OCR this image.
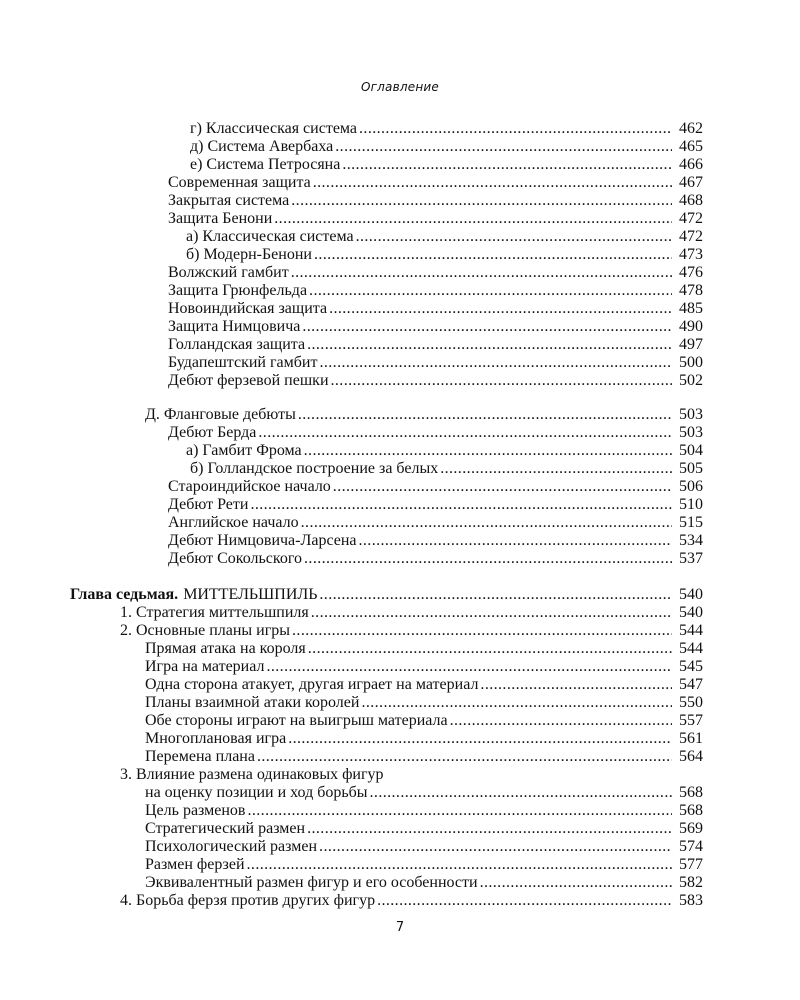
Оглавление
г) Классическая система .....	462
д) Система Авербаха .....	465
е) Система Петросяна .....	466
Современная защита .....	467
Закрытая система .....	468
Защита Бенони .....	472
а) Классическая система .....	472
б) Модерн-Бенони .....	473
Волжский гамбит .....	476
Защита Грюнфельда .....	478
Новоиндийская защита .....	485
Защита Нимцовича .....	490
Голландская защита .....	497
Будапештский гамбит .....	500
Дебют ферзевой пешки .....	502
Д. Фланговые дебюты .....	503
Дебют Берда .....	503
а) Гамбит Фрома .....	504
б) Голландское построение за белых .....	505
Староиндийское начало .....	506
Дебют Рети .....	510
Английское начало .....	515
Дебют Нимцовича-Ларсена .....	534
Дебют Сокольского .....	537
Глава седьмая. МИТТЕЛЬШПИЛЬ .....	540
1. Стратегия миттельшпиля .....	540
2. Основные планы игры .....	544
Прямая атака на короля .....	544
Игра на материал .....	545
Одна сторона атакует, другая играет на материал .....	547
Планы взаимной атаки королей .....	550
Обе стороны играют на выигрыш материала .....	557
Многоплановая игра .....	561
Перемена плана .....	564
3. Влияние размена одинаковых фигур
на оценку позиции и ход борьбы .....	568
Цель разменов .....	568
Стратегический размен .....	569
Психологический размен .....	574
Размен ферзей .....	577
Эквивалентный размен фигур и его особенности .....	582
4. Борьба ферзя против других фигур .....	583
7
